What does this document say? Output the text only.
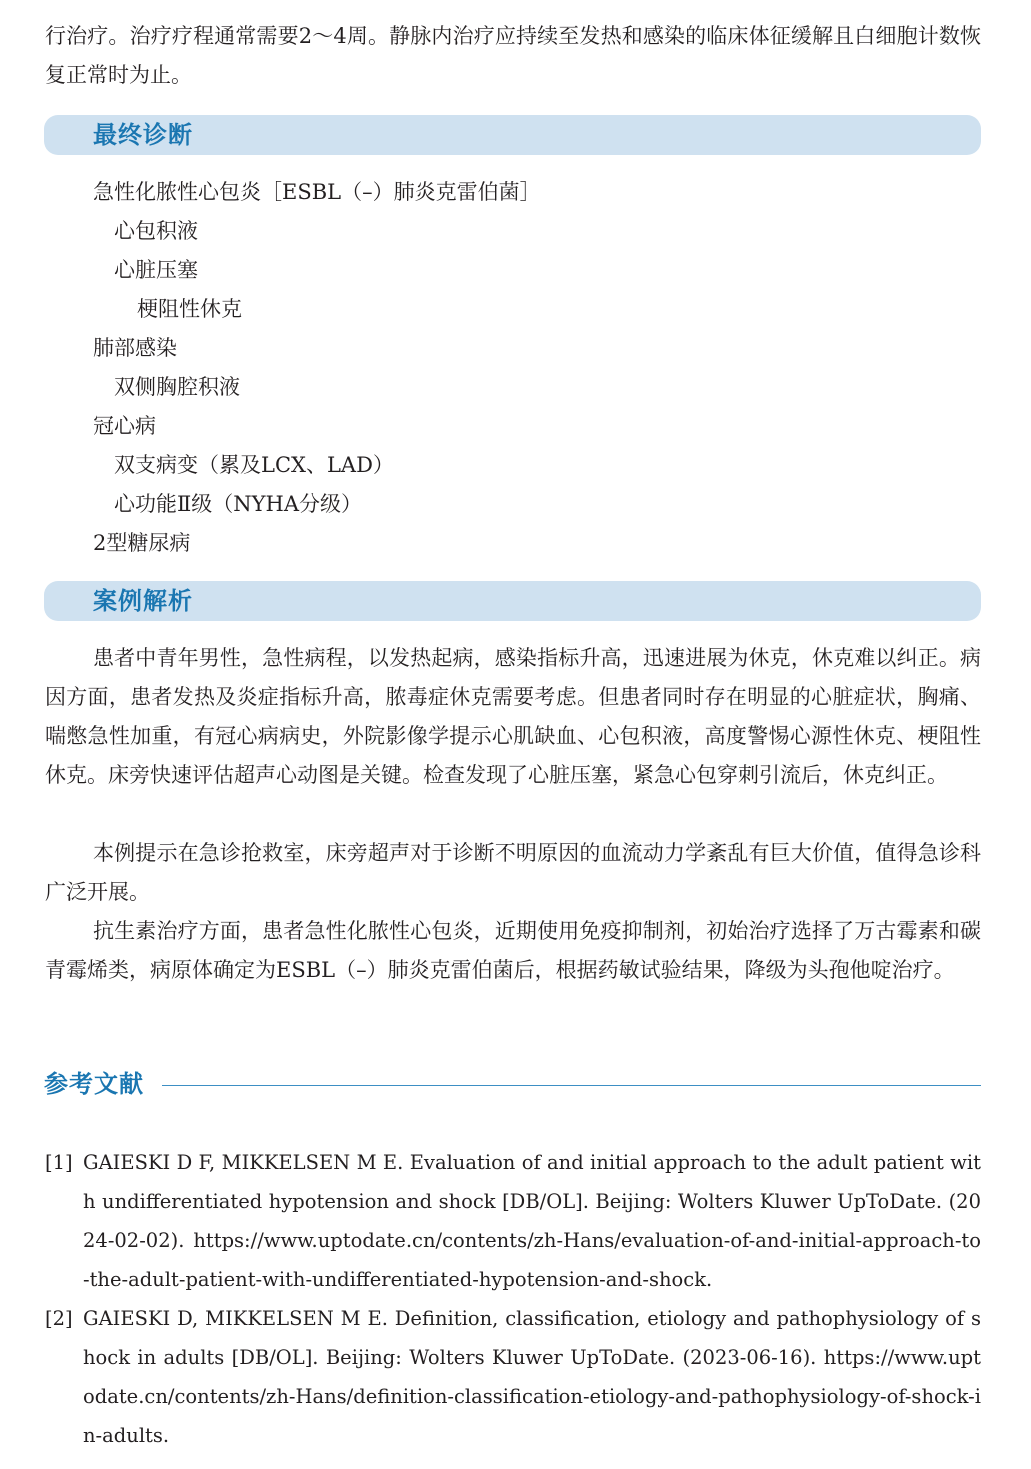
行治疗。治疗疗程通常需要2～4周。静脉内治疗应持续至发热和感染的临床体征缓解且白细胞计数恢复正常时为止。

最终诊断
急性化脓性心包炎［ESBL（–）肺炎克雷伯菌］
心包积液
心脏压塞
梗阻性休克
肺部感染
双侧胸腔积液
冠心病
双支病变（累及LCX、LAD）
心功能Ⅱ级（NYHA分级）
2型糖尿病
案例解析

患者中青年男性，急性病程，以发热起病，感染指标升高，迅速进展为休克，休克难以纠正。病因方面，患者发热及炎症指标升高，脓毒症休克需要考虑。但患者同时存在明显的心脏症状，胸痛、喘憋急性加重，有冠心病病史，外院影像学提示心肌缺血、心包积液，高度警惕心源性休克、梗阻性休克。床旁快速评估超声心动图是关键。检查发现了心脏压塞，紧急心包穿刺引流后，休克纠正。

本例提示在急诊抢救室，床旁超声对于诊断不明原因的血流动力学紊乱有巨大价值，值得急诊科广泛开展。

抗生素治疗方面，患者急性化脓性心包炎，近期使用免疫抑制剂，初始治疗选择了万古霉素和碳青霉烯类，病原体确定为ESBL（–）肺炎克雷伯菌后，根据药敏试验结果，降级为头孢他啶治疗。

参考文献
[1] GAIESKI D F, MIKKELSEN M E. Evaluation of and initial approach to the adult patient with undifferentiated hypotension and shock [DB/OL]. Beijing: Wolters Kluwer UpToDate. (2024-02-02). https://www.uptodate.cn/contents/zh-Hans/evaluation-of-and-initial-approach-to-the-adult-patient-with-undifferentiated-hypotension-and-shock.
[2] GAIESKI D, MIKKELSEN M E. Definition, classification, etiology and pathophysiology of shock in adults [DB/OL]. Beijing: Wolters Kluwer UpToDate. (2023-06-16). https://www.uptodate.cn/contents/zh-Hans/definition-classification-etiology-and-pathophysiology-of-shock-in-adults.
